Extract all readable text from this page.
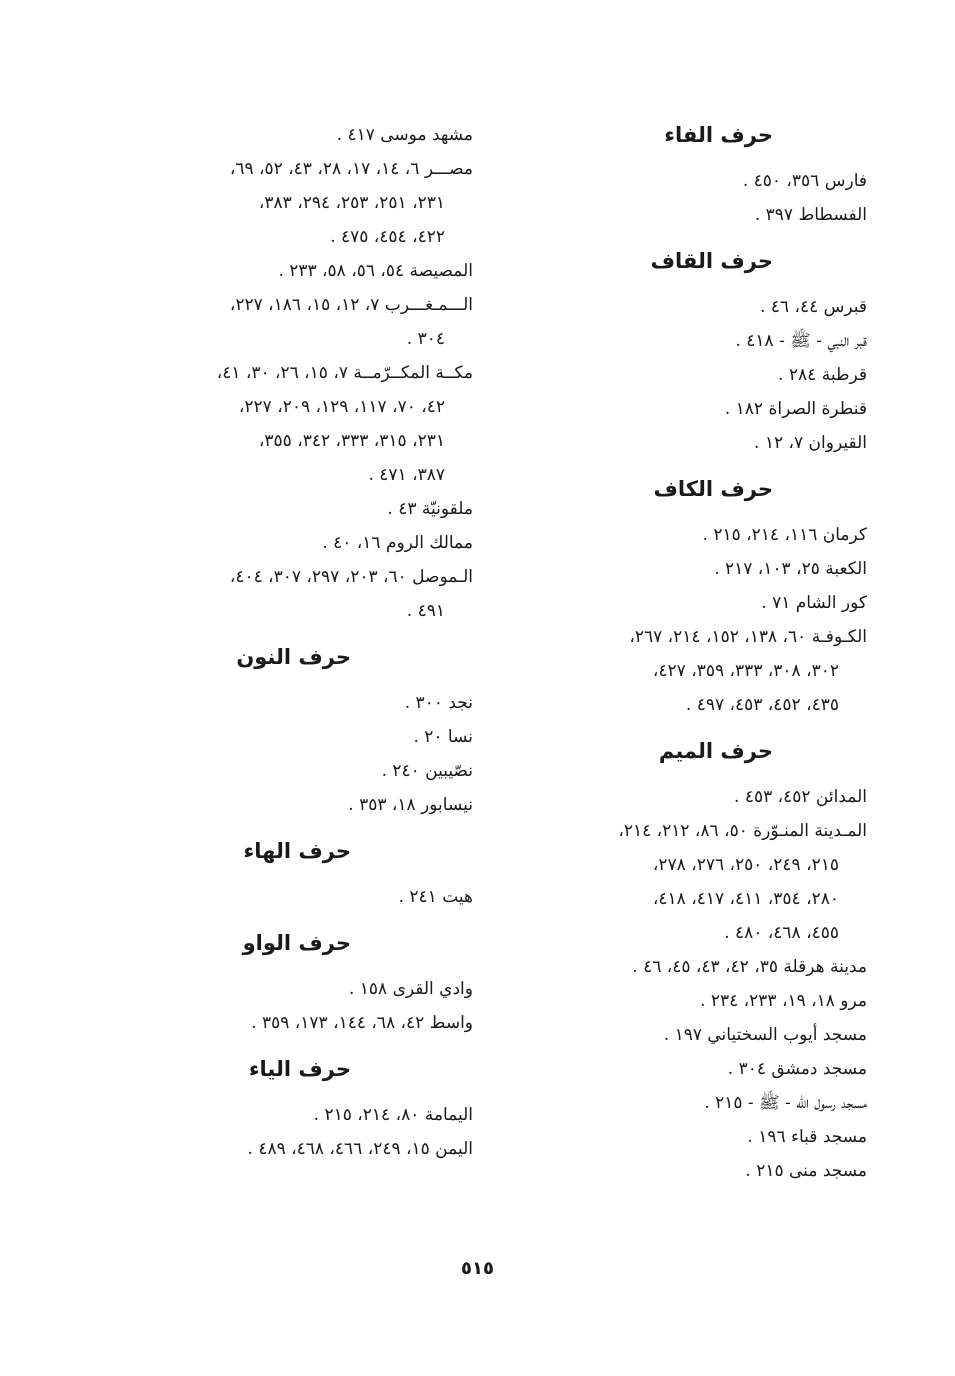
حرف الفاء

فارس ٣٥٦، ٤٥٠ .

الفسطاط ٣٩٧ .

حرف القاف

قبرس ٤٤، ٤٦ .

قبر النبي - ﷺ - ٤١٨ .

قرطبة ٢٨٤ .

قنطرة الصراة ١٨٢ .

القيروان ٧، ١٢ .

حرف الكاف

كرمان ١١٦، ٢١٤، ٢١٥ .

الكعبة ٢٥، ١٠٣، ٢١٧ .

كور الشام ٧١ .

الكـوفـة ٦٠، ١٣٨، ١٥٢، ٢١٤، ٢٦٧،
٣٠٢، ٣٠٨، ٣٣٣، ٣٥٩، ٤٢٧،
٤٣٥، ٤٥٢، ٤٥٣، ٤٩٧ .

حرف الميم

المدائن ٤٥٢، ٤٥٣ .

المـدينة المنـوّرة ٥٠، ٨٦، ٢١٢، ٢١٤،
٢١٥، ٢٤٩، ٢٥٠، ٢٧٦، ٢٧٨،
٢٨٠، ٣٥٤، ٤١١، ٤١٧، ٤١٨،
٤٥٥، ٤٦٨، ٤٨٠ .

مدينة هرقلة ٣٥، ٤٢، ٤٣، ٤٥، ٤٦ .

مرو ١٨، ١٩، ٢٣٣، ٢٣٤ .

مسجد أيوب السختياني ١٩٧ .

مسجد دمشق ٣٠٤ .

مسجد رسول الله - ﷺ - ٢١٥ .

مسجد قباء ١٩٦ .

مسجد منى ٢١٥ .

مشهد موسى ٤١٧ .

مصـــر ٦، ١٤، ١٧، ٢٨، ٤٣، ٥٢، ٦٩،
٢٣١، ٢٥١، ٢٥٣، ٢٩٤، ٣٨٣،
٤٢٢، ٤٥٤، ٤٧٥ .

المصيصة ٥٤، ٥٦، ٥٨، ٢٣٣ .

الـــمـغـــرب ٧، ١٢، ١٥، ١٨٦، ٢٢٧،
٣٠٤ .

مكــة المكــرّمــة ٧، ١٥، ٢٦، ٣٠، ٤١،
٤٢، ٧٠، ١١٧، ١٢٩، ٢٠٩، ٢٢٧،
٢٣١، ٣١٥، ٣٣٣، ٣٤٢، ٣٥٥،
٣٨٧، ٤٧١ .

ملقونيّة ٤٣ .

ممالك الروم ١٦، ٤٠ .

الـموصل ٦٠، ٢٠٣، ٢٩٧، ٣٠٧، ٤٠٤،
٤٩١ .

حرف النون

نجد ٣٠٠ .

نسا ٢٠ .

نصّيبين ٢٤٠ .

نيسابور ١٨، ٣٥٣ .

حرف الهاء

هيت ٢٤١ .

حرف الواو

وادي القرى ١٥٨ .

واسط ٤٢، ٦٨، ١٤٤، ١٧٣، ٣٥٩ .

حرف الياء

اليمامة ٨٠، ٢١٤، ٢١٥ .

اليمن ١٥، ٢٤٩، ٤٦٦، ٤٦٨، ٤٨٩ .

٥١٥
